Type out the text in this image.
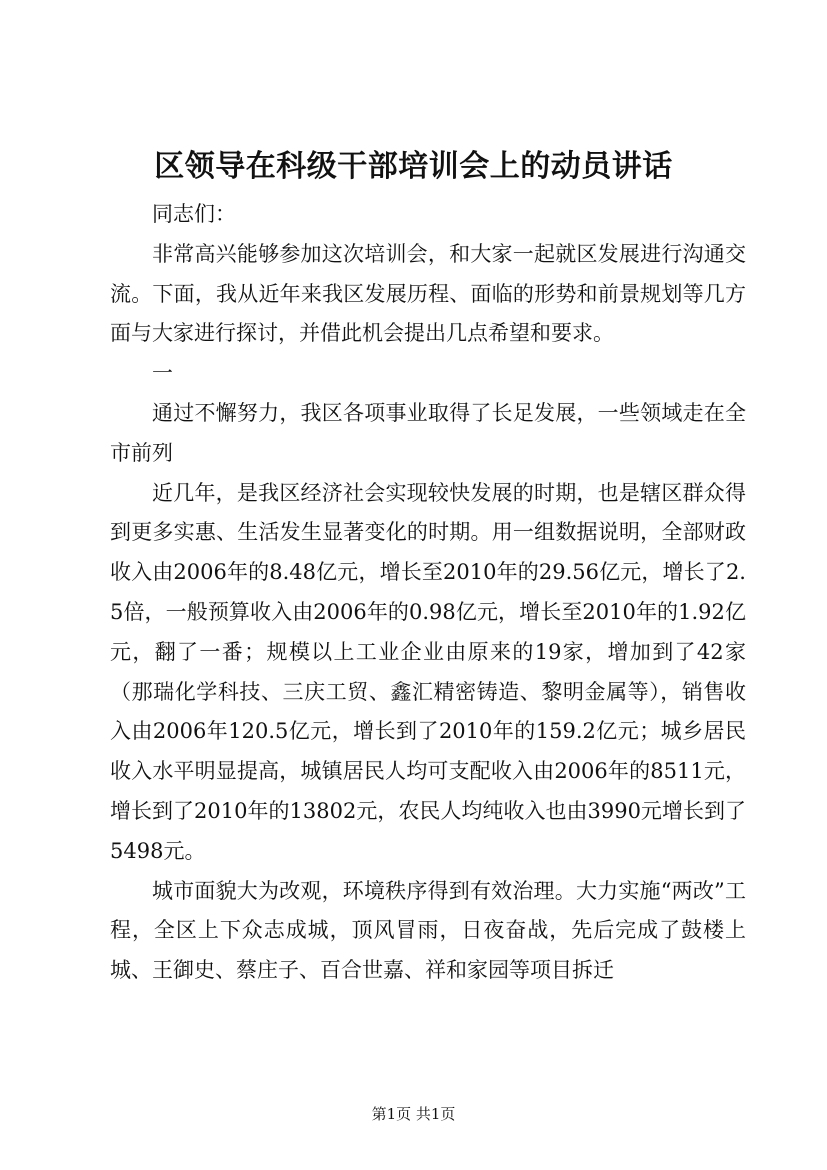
区领导在科级干部培训会上的动员讲话

同志们：

非常高兴能够参加这次培训会，和大家一起就区发展进行沟通交流。下面，我从近年来我区发展历程、面临的形势和前景规划等几方面与大家进行探讨，并借此机会提出几点希望和要求。

一

通过不懈努力，我区各项事业取得了长足发展，一些领域走在全市前列

近几年，是我区经济社会实现较快发展的时期，也是辖区群众得到更多实惠、生活发生显著变化的时期。用一组数据说明，全部财政收入由2006年的8.48亿元，增长至2010年的29.56亿元，增长了2.5倍，一般预算收入由2006年的0.98亿元，增长至2010年的1.92亿元，翻了一番；规模以上工业企业由原来的19家，增加到了42家（那瑞化学科技、三庆工贸、鑫汇精密铸造、黎明金属等），销售收入由2006年120.5亿元，增长到了2010年的159.2亿元；城乡居民收入水平明显提高，城镇居民人均可支配收入由2006年的8511元，增长到了2010年的13802元，农民人均纯收入也由3990元增长到了5498元。

城市面貌大为改观，环境秩序得到有效治理。大力实施“两改”工程，全区上下众志成城，顶风冒雨，日夜奋战，先后完成了鼓楼上城、王御史、蔡庄子、百合世嘉、祥和家园等项目拆迁

第1页 共1页
